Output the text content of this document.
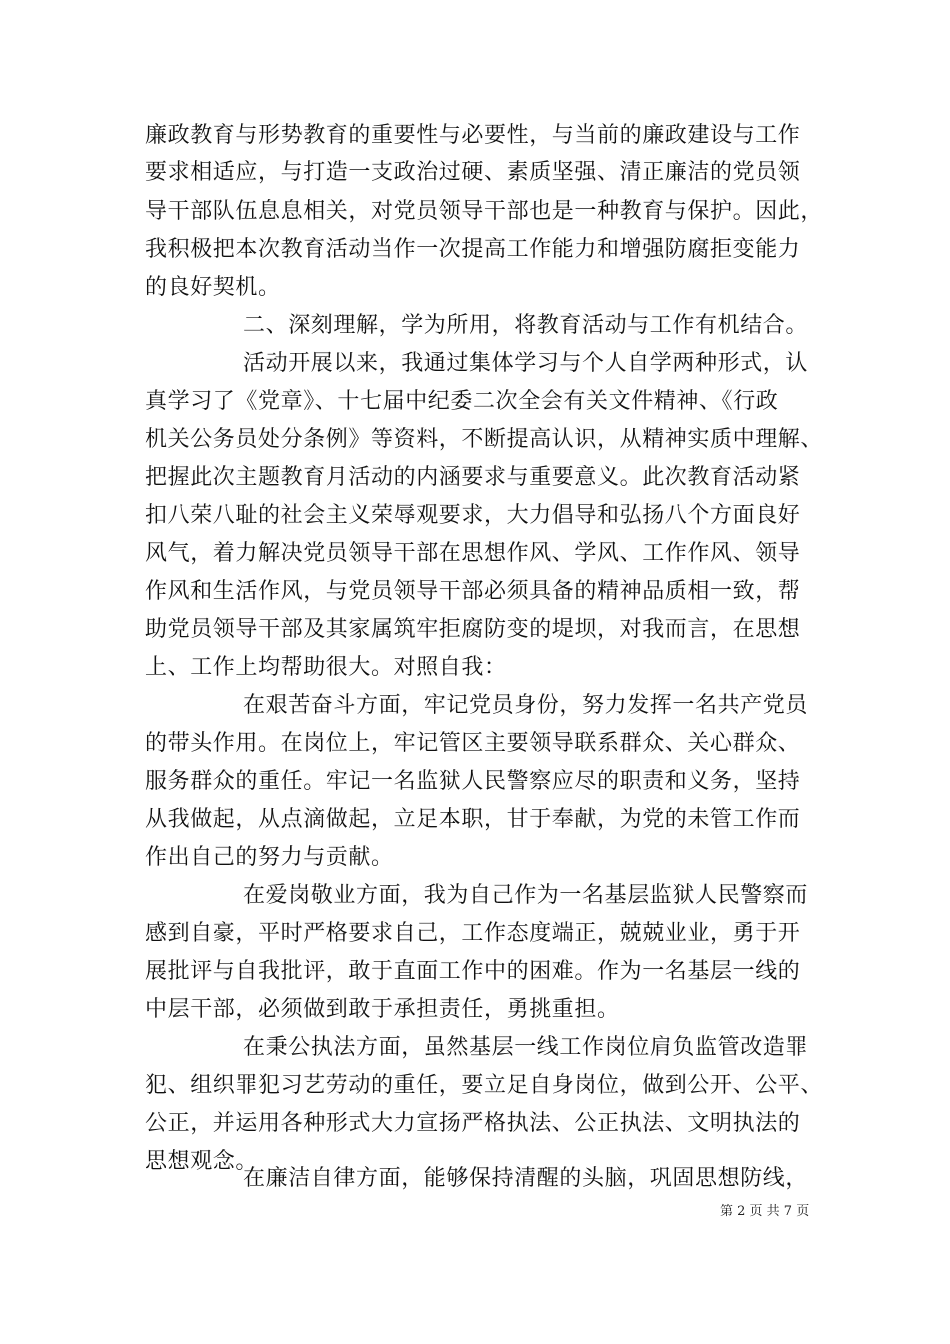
廉政教育与形势教育的重要性与必要性，与当前的廉政建设与工作
要求相适应，与打造一支政治过硬、素质坚强、清正廉洁的党员领
导干部队伍息息相关，对党员领导干部也是一种教育与保护。因此，
我积极把本次教育活动当作一次提高工作能力和增强防腐拒变能力
的良好契机。
二、深刻理解，学为所用，将教育活动与工作有机结合。
活动开展以来，我通过集体学习与个人自学两种形式，认
真学习了《党章》、十七届中纪委二次全会有关文件精神、《行政
机关公务员处分条例》等资料，不断提高认识，从精神实质中理解、
把握此次主题教育月活动的内涵要求与重要意义。此次教育活动紧
扣八荣八耻的社会主义荣辱观要求，大力倡导和弘扬八个方面良好
风气，着力解决党员领导干部在思想作风、学风、工作作风、领导
作风和生活作风，与党员领导干部必须具备的精神品质相一致，帮
助党员领导干部及其家属筑牢拒腐防变的堤坝，对我而言，在思想
上、工作上均帮助很大。对照自我：
在艰苦奋斗方面，牢记党员身份，努力发挥一名共产党员
的带头作用。在岗位上，牢记管区主要领导联系群众、关心群众、
服务群众的重任。牢记一名监狱人民警察应尽的职责和义务，坚持
从我做起，从点滴做起，立足本职，甘于奉献，为党的未管工作而
作出自己的努力与贡献。
在爱岗敬业方面，我为自己作为一名基层监狱人民警察而
感到自豪，平时严格要求自己，工作态度端正，兢兢业业，勇于开
展批评与自我批评，敢于直面工作中的困难。作为一名基层一线的
中层干部，必须做到敢于承担责任，勇挑重担。
在秉公执法方面，虽然基层一线工作岗位肩负监管改造罪
犯、组织罪犯习艺劳动的重任，要立足自身岗位，做到公开、公平、
公正，并运用各种形式大力宣扬严格执法、公正执法、文明执法的
思想观念。
在廉洁自律方面，能够保持清醒的头脑，巩固思想防线，
第 2 页 共 7 页
